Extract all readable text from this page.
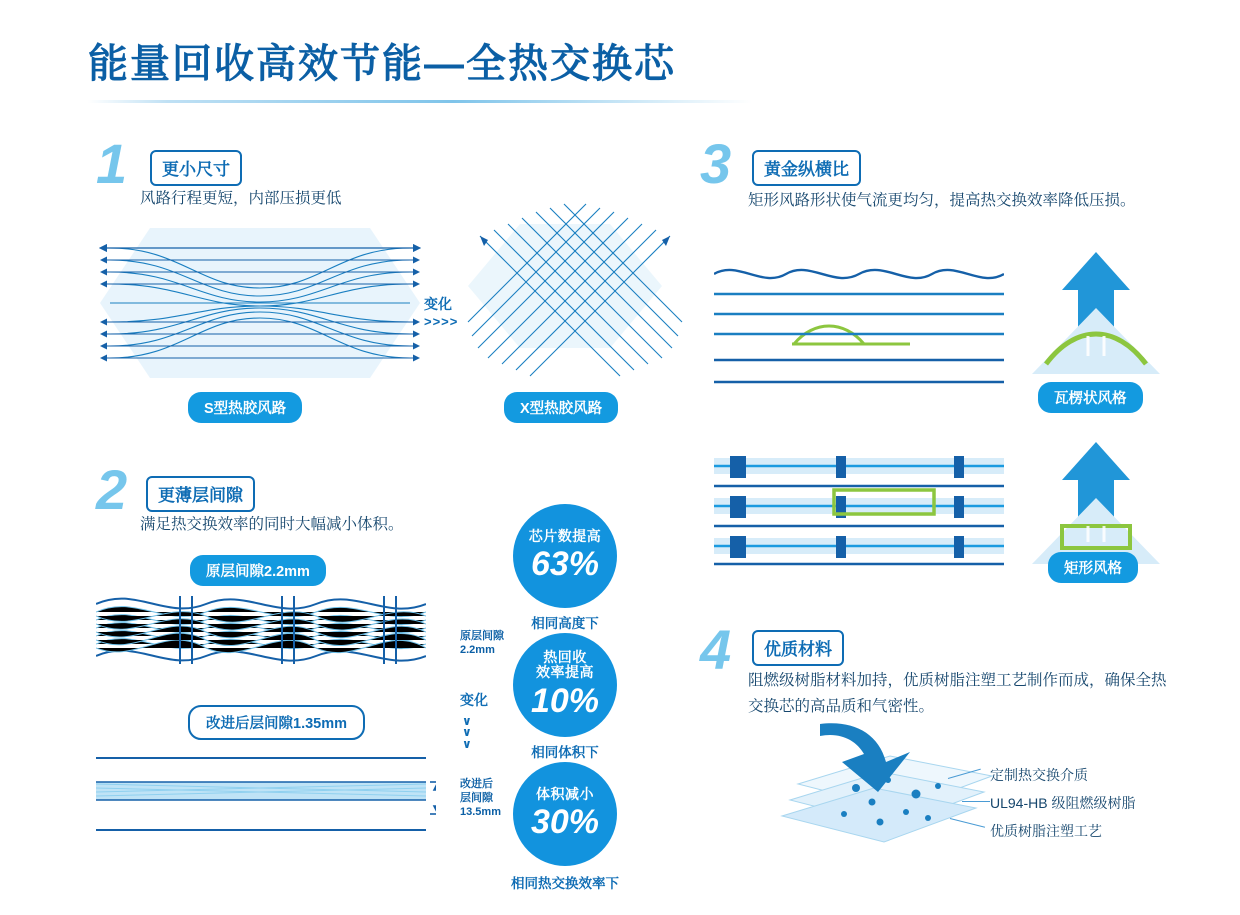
能量回收高效节能—全热交换芯
1	更小尺寸
风路行程更短，内部压损更低
S型热胶风路
变化
>>>>
X型热胶风路
2	更薄层间隙
满足热交换效率的同时大幅减小体积。
原层间隙2.2mm
原层间隙
2.2mm
改进后层间隙1.35mm
变化
∨
∨
∨
改进后
层间隙
13.5mm
芯片数提高
63%
相同高度下
热回收
效率提高
10%
相同体积下
体积减小
30%
相同热交换效率下
3	黄金纵横比
矩形风路形状使气流更均匀，提高热交换效率降低压损。
瓦楞状风格
矩形风格
4	优质材料
阻燃级树脂材料加持，优质树脂注塑工艺制作而成，确保全热交换芯的高品质和气密性。
定制热交换介质
UL94-HB 级阻燃级树脂
优质树脂注塑工艺
